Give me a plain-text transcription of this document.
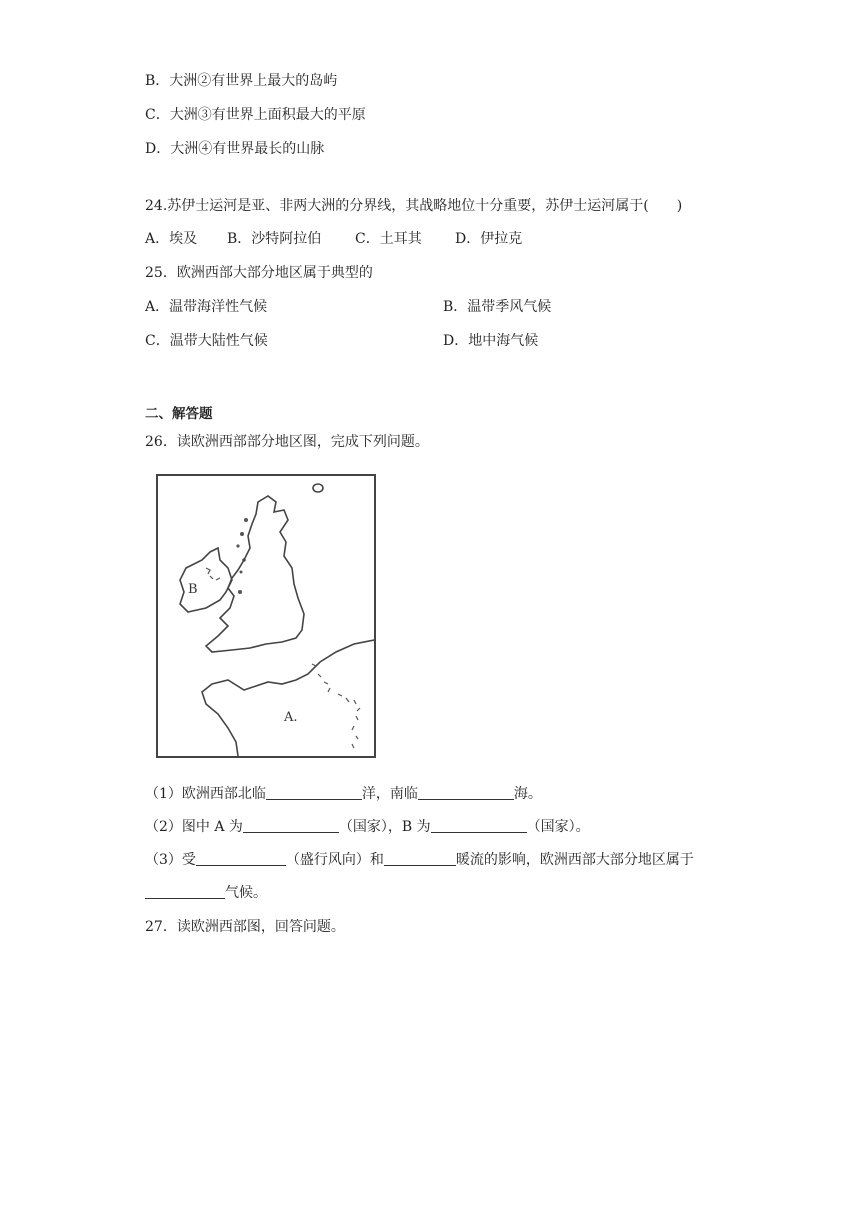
B．大洲②有世界上最大的岛屿
C．大洲③有世界上面积最大的平原
D．大洲④有世界最长的山脉
24.苏伊士运河是亚、非两大洲的分界线，其战略地位十分重要，苏伊士运河属于(　　)
A．埃及 B．沙特阿拉伯 C．土耳其 D．伊拉克
25．欧洲西部大部分地区属于典型的
A．温带海洋性气候	B．温带季风气候
C．温带大陆性气候	D．地中海气候
二、解答题
26．读欧洲西部部分地区图，完成下列问题。
B
A.
（1）欧洲西部北临	洋，南临	海。
（2）图中 A 为	（国家），B 为	（国家）。
（3）受	（盛行风向）和	暖流的影响，欧洲西部大部分地区属于
气候。
27．读欧洲西部图，回答问题。
